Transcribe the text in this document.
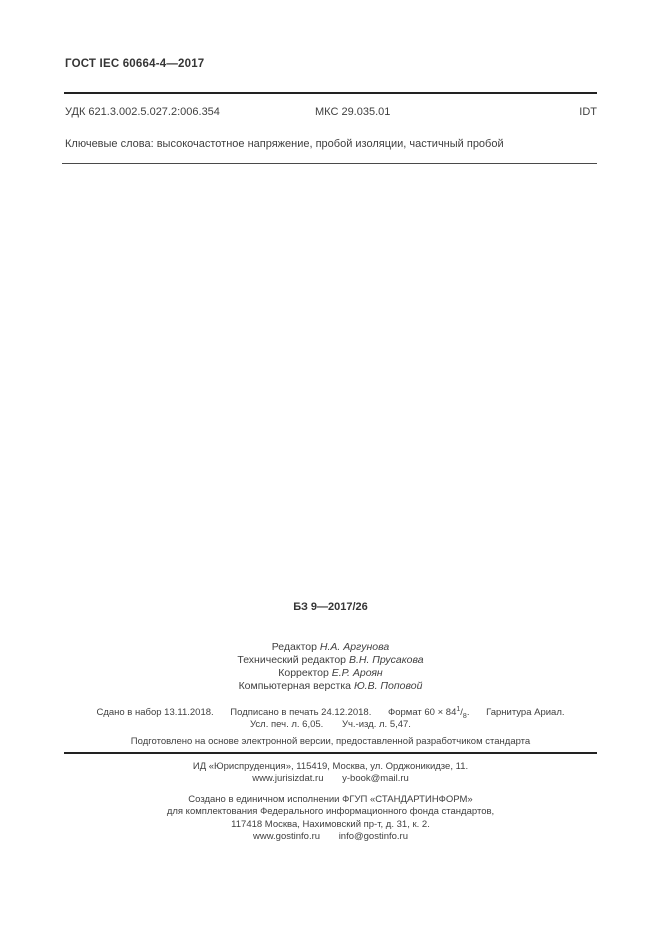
ГОСТ IEC 60664-4—2017
УДК 621.3.002.5.027.2:006.354	МКС 29.035.01	IDT
Ключевые слова: высокочастотное напряжение, пробой изоляции, частичный пробой
БЗ 9—2017/26
Редактор Н.А. Аргунова
Технический редактор В.Н. Прусакова
Корректор Е.Р. Ароян
Компьютерная верстка Ю.В. Поповой
Сдано в набор 13.11.2018. Подписано в печать 24.12.2018. Формат $60 \times 84^1/_8$. Гарнитура Ариал.
Усл. печ. л. 6,05. Уч.-изд. л. 5,47.
Подготовлено на основе электронной версии, предоставленной разработчиком стандарта
ИД «Юриспруденция», 115419, Москва, ул. Орджоникидзе, 11.
www.jurisizdat.ru y-book@mail.ru
Создано в единичном исполнении ФГУП «СТАНДАРТИНФОРМ»
для комплектования Федерального информационного фонда стандартов,
117418 Москва, Нахимовский пр-т, д. 31, к. 2.
www.gostinfo.ru info@gostinfo.ru
